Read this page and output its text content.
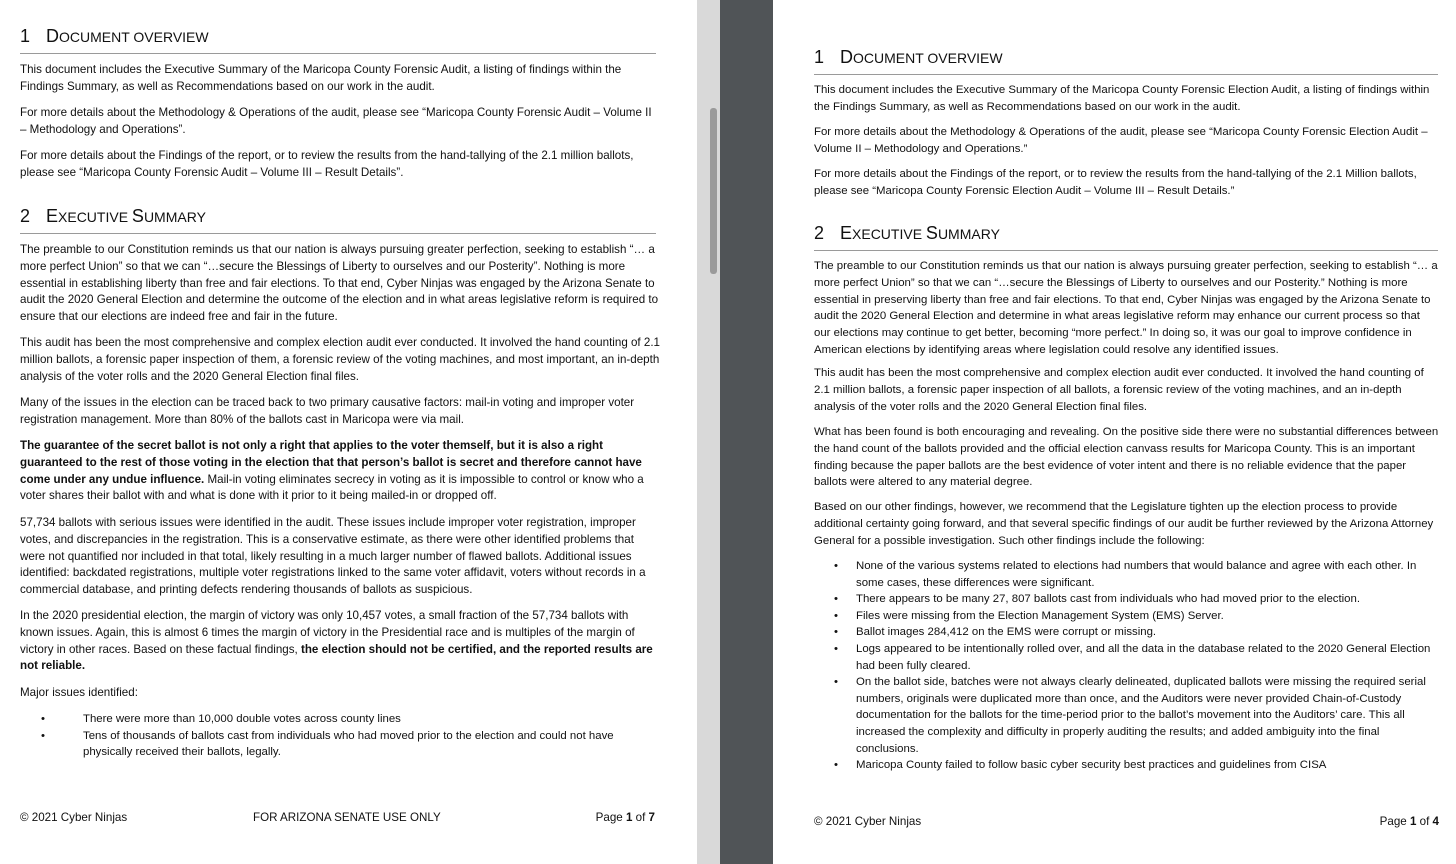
1 DOCUMENT OVERVIEW

This document includes the Executive Summary of the Maricopa County Forensic Audit, a listing of findings within the Findings Summary, as well as Recommendations based on our work in the audit.

For more details about the Methodology & Operations of the audit, please see “Maricopa County Forensic Audit – Volume II – Methodology and Operations”.

For more details about the Findings of the report, or to review the results from the hand-tallying of the 2.1 million ballots, please see “Maricopa County Forensic Audit – Volume III – Result Details”.

2 EXECUTIVE SUMMARY

The preamble to our Constitution reminds us that our nation is always pursuing greater perfection, seeking to establish “… a more perfect Union” so that we can “…secure the Blessings of Liberty to ourselves and our Posterity”. Nothing is more essential in establishing liberty than free and fair elections. To that end, Cyber Ninjas was engaged by the Arizona Senate to audit the 2020 General Election and determine the outcome of the election and in what areas legislative reform is required to ensure that our elections are indeed free and fair in the future.

This audit has been the most comprehensive and complex election audit ever conducted. It involved the hand counting of 2.1 million ballots, a forensic paper inspection of them, a forensic review of the voting machines, and most important, an in-depth analysis of the voter rolls and the 2020 General Election final files.

Many of the issues in the election can be traced back to two primary causative factors: mail-in voting and improper voter registration management. More than 80% of the ballots cast in Maricopa were via mail.

The guarantee of the secret ballot is not only a right that applies to the voter themself, but it is also a right guaranteed to the rest of those voting in the election that that person’s ballot is secret and therefore cannot have come under any undue influence. Mail-in voting eliminates secrecy in voting as it is impossible to control or know who a voter shares their ballot with and what is done with it prior to it being mailed-in or dropped off.

57,734 ballots with serious issues were identified in the audit. These issues include improper voter registration, improper votes, and discrepancies in the registration. This is a conservative estimate, as there were other identified problems that were not quantified nor included in that total, likely resulting in a much larger number of flawed ballots. Additional issues identified: backdated registrations, multiple voter registrations linked to the same voter affidavit, voters without records in a commercial database, and printing defects rendering thousands of ballots as suspicious.

In the 2020 presidential election, the margin of victory was only 10,457 votes, a small fraction of the 57,734 ballots with known issues. Again, this is almost 6 times the margin of victory in the Presidential race and is multiples of the margin of victory in other races. Based on these factual findings, the election should not be certified, and the reported results are not reliable.

Major issues identified:

• There were more than 10,000 double votes across county lines
• Tens of thousands of ballots cast from individuals who had moved prior to the election and could not have physically received their ballots, legally.
© 2021 Cyber Ninjas	FOR ARIZONA SENATE USE ONLY	Page 1 of 7
1 DOCUMENT OVERVIEW

This document includes the Executive Summary of the Maricopa County Forensic Election Audit, a listing of findings within the Findings Summary, as well as Recommendations based on our work in the audit.

For more details about the Methodology & Operations of the audit, please see “Maricopa County Forensic Election Audit – Volume II – Methodology and Operations.”

For more details about the Findings of the report, or to review the results from the hand-tallying of the 2.1 Million ballots, please see “Maricopa County Forensic Election Audit – Volume III – Result Details.”

2 EXECUTIVE SUMMARY

The preamble to our Constitution reminds us that our nation is always pursuing greater perfection, seeking to establish “… a more perfect Union” so that we can “…secure the Blessings of Liberty to ourselves and our Posterity.” Nothing is more essential in preserving liberty than free and fair elections. To that end, Cyber Ninjas was engaged by the Arizona Senate to audit the 2020 General Election and determine in what areas legislative reform may enhance our current process so that our elections may continue to get better, becoming “more perfect.” In doing so, it was our goal to improve confidence in American elections by identifying areas where legislation could resolve any identified issues.

This audit has been the most comprehensive and complex election audit ever conducted. It involved the hand counting of 2.1 million ballots, a forensic paper inspection of all ballots, a forensic review of the voting machines, and an in-depth analysis of the voter rolls and the 2020 General Election final files.

What has been found is both encouraging and revealing. On the positive side there were no substantial differences between the hand count of the ballots provided and the official election canvass results for Maricopa County. This is an important finding because the paper ballots are the best evidence of voter intent and there is no reliable evidence that the paper ballots were altered to any material degree.

Based on our other findings, however, we recommend that the Legislature tighten up the election process to provide additional certainty going forward, and that several specific findings of our audit be further reviewed by the Arizona Attorney General for a possible investigation. Such other findings include the following:

• None of the various systems related to elections had numbers that would balance and agree with each other. In some cases, these differences were significant.
• There appears to be many 27, 807 ballots cast from individuals who had moved prior to the election.
• Files were missing from the Election Management System (EMS) Server.
• Ballot images 284,412 on the EMS were corrupt or missing.
• Logs appeared to be intentionally rolled over, and all the data in the database related to the 2020 General Election had been fully cleared.
• On the ballot side, batches were not always clearly delineated, duplicated ballots were missing the required serial numbers, originals were duplicated more than once, and the Auditors were never provided Chain-of-Custody documentation for the ballots for the time-period prior to the ballot’s movement into the Auditors’ care. This all increased the complexity and difficulty in properly auditing the results; and added ambiguity into the final conclusions.
• Maricopa County failed to follow basic cyber security best practices and guidelines from CISA
© 2021 Cyber Ninjas	Page 1 of 4
